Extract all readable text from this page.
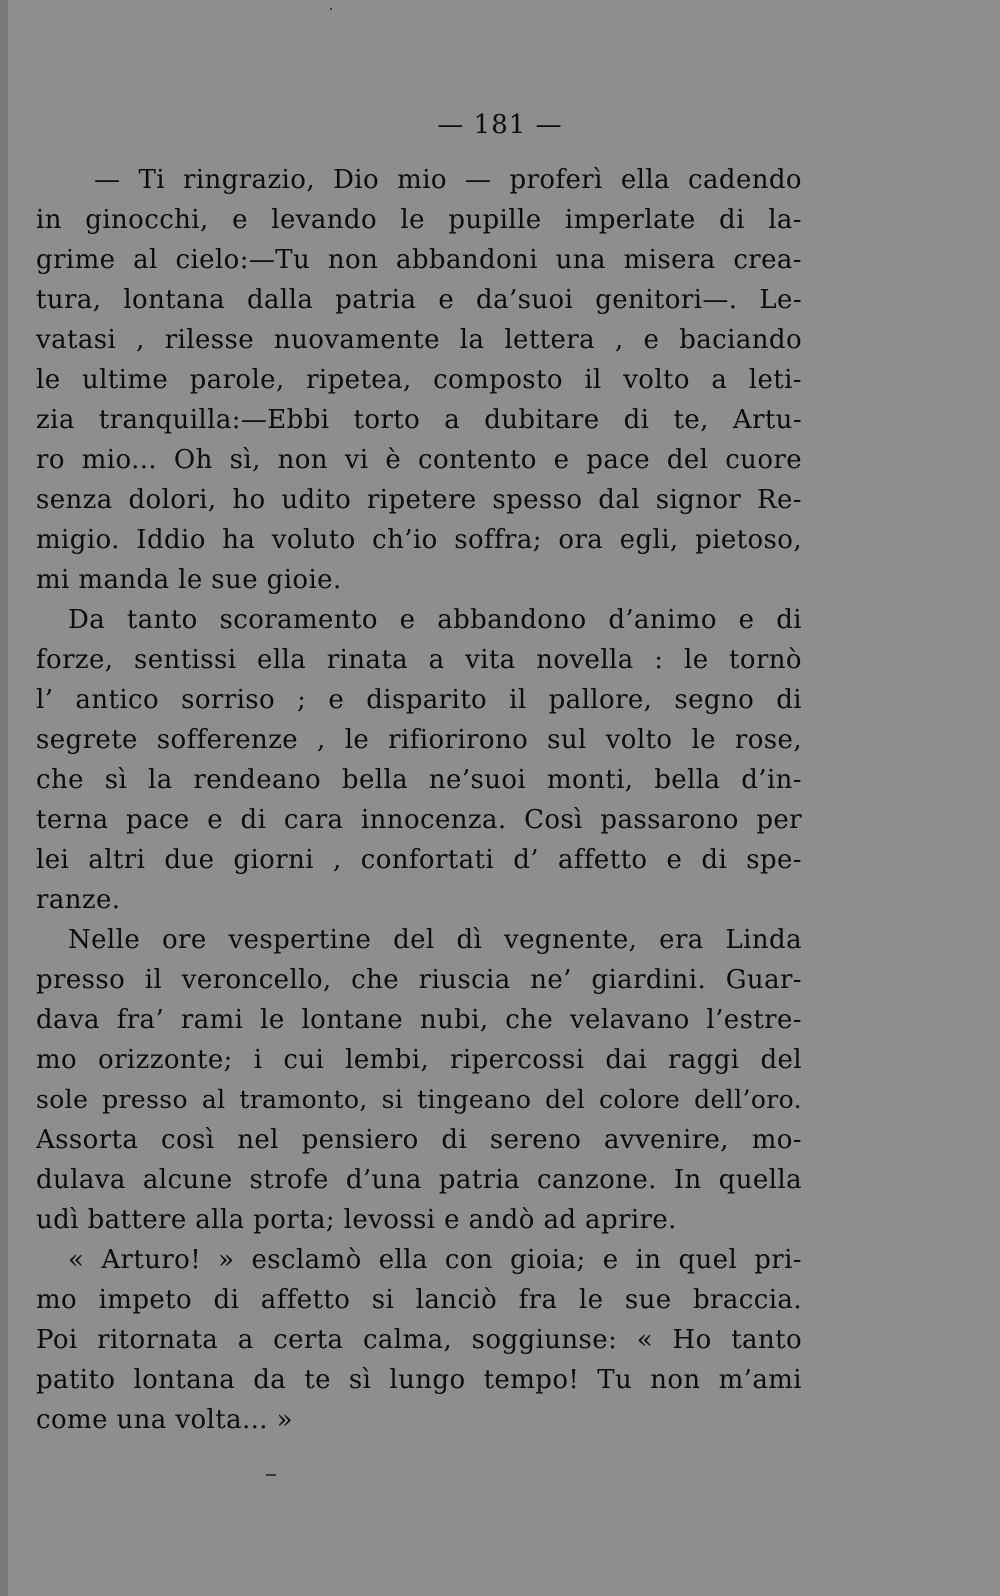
— 181 —
— Ti ringrazio, Dio mio — proferì ella cadendo
in ginocchi, e levando le pupille imperlate di la-
grime al cielo:—Tu non abbandoni una misera crea-
tura, lontana dalla patria e da’suoi genitori—. Le-
vatasi , rilesse nuovamente la lettera , e baciando
le ultime parole, ripetea, composto il volto a leti-
zia tranquilla:—Ebbi torto a dubitare di te, Artu-
ro mio... Oh sì, non vi è contento e pace del cuore
senza dolori, ho udito ripetere spesso dal signor Re-
migio. Iddio ha voluto ch’io soffra; ora egli, pietoso,
mi manda le sue gioie.
Da tanto scoramento e abbandono d’animo e di
forze, sentissi ella rinata a vita novella : le tornò
l’ antico sorriso ; e disparito il pallore, segno di
segrete sofferenze , le rifiorirono sul volto le rose,
che sì la rendeano bella ne’suoi monti, bella d’in-
terna pace e di cara innocenza. Così passarono per
lei altri due giorni , confortati d’ affetto e di spe-
ranze.
Nelle ore vespertine del dì vegnente, era Linda
presso il veroncello, che riuscia ne’ giardini. Guar-
dava fra’ rami le lontane nubi, che velavano l’estre-
mo orizzonte; i cui lembi, ripercossi dai raggi del
sole presso al tramonto, si tingeano del colore dell’oro.
Assorta così nel pensiero di sereno avvenire, mo-
dulava alcune strofe d’una patria canzone. In quella
udì battere alla porta; levossi e andò ad aprire.
« Arturo! » esclamò ella con gioia; e in quel pri-
mo impeto di affetto si lanciò fra le sue braccia.
Poi ritornata a certa calma, soggiunse: « Ho tanto
patito lontana da te sì lungo tempo! Tu non m’ami
come una volta... »
